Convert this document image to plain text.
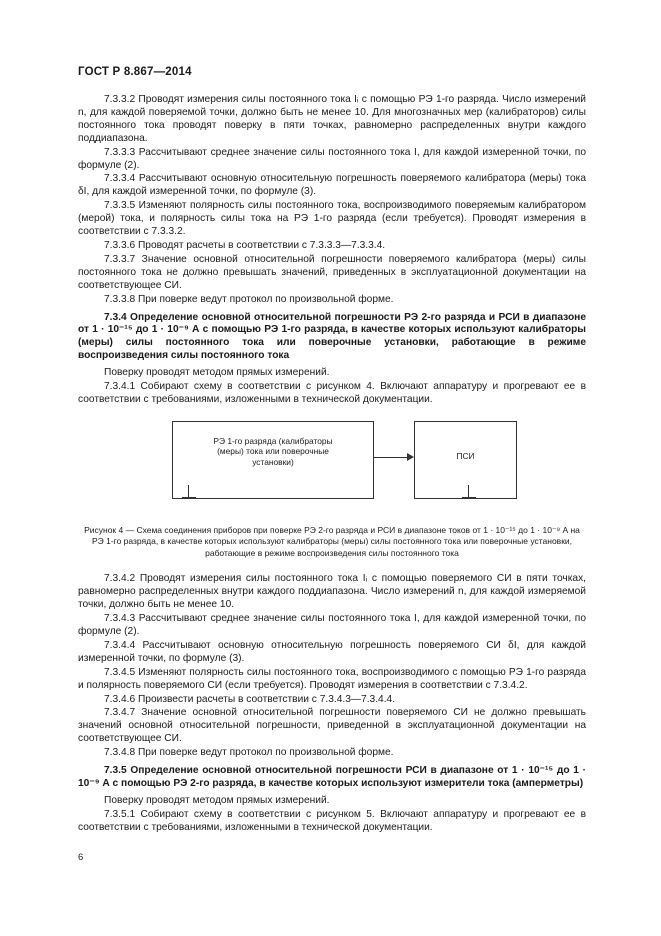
ГОСТ Р 8.867—2014

7.3.3.2 Проводят измерения силы постоянного тока Iᵢ с помощью РЭ 1-го разряда. Число измерений n, для каждой поверяемой точки, должно быть не менее 10. Для многозначных мер (калибраторов) силы постоянного тока проводят поверку в пяти точках, равномерно распределенных внутри каждого поддиапазона.

7.3.3.3 Рассчитывают среднее значение силы постоянного тока I, для каждой измеренной точки, по формуле (2).

7.3.3.4 Рассчитывают основную относительную погрешность поверяемого калибратора (меры) тока δI, для каждой измеренной точки, по формуле (3).

7.3.3.5 Изменяют полярность силы постоянного тока, воспроизводимого поверяемым калибратором (мерой) тока, и полярность силы тока на РЭ 1-го разряда (если требуется). Проводят измерения в соответствии с 7.3.3.2.

7.3.3.6 Проводят расчеты в соответствии с 7.3.3.3—7.3.3.4.

7.3.3.7 Значение основной относительной погрешности поверяемого калибратора (меры) силы постоянного тока не должно превышать значений, приведенных в эксплуатационной документации на соответствующее СИ.

7.3.3.8 При поверке ведут протокол по произвольной форме.

7.3.4 Определение основной относительной погрешности РЭ 2-го разряда и РСИ в диапазоне от 1 · 10⁻¹⁵ до 1 · 10⁻⁹ А с помощью РЭ 1-го разряда, в качестве которых используют калибраторы (меры) силы постоянного тока или поверочные установки, работающие в режиме воспроизведения силы постоянного тока

Поверку проводят методом прямых измерений.

7.3.4.1 Собирают схему в соответствии с рисунком 4. Включают аппаратуру и прогревают ее в соответствии с требованиями, изложенными в технической документации.

РЭ 1-го разряда (калибраторы (меры) тока или поверочные установки)
ПСИ
Рисунок 4 — Схема соединения приборов при поверке РЭ 2-го разряда и РСИ в диапазоне токов от 1 · 10⁻¹⁵ до 1 · 10⁻⁹ А на РЭ 1-го разряда, в качестве которых используют калибраторы (меры) силы постоянного тока или поверочные установки, работающие в режиме воспроизведения силы постоянного тока

7.3.4.2 Проводят измерения силы постоянного тока Iᵢ с помощью поверяемого СИ в пяти точках, равномерно распределенных внутри каждого поддиапазона. Число измерений n, для каждой измеряемой точки, должно быть не менее 10.

7.3.4.3 Рассчитывают среднее значение силы постоянного тока I, для каждой измеренной точки, по формуле (2).

7.3.4.4 Рассчитывают основную относительную погрешность поверяемого СИ δI, для каждой измеренной точки, по формуле (3).

7.3.4.5 Изменяют полярность силы постоянного тока, воспроизводимого с помощью РЭ 1-го разряда и полярность поверяемого СИ (если требуется). Проводят измерения в соответствии с 7.3.4.2.

7.3.4.6 Произвести расчеты в соответствии с 7.3.4.3—7.3.4.4.

7.3.4.7 Значение основной относительной погрешности поверяемого СИ не должно превышать значений основной относительной погрешности, приведенной в эксплуатационной документации на соответствующее СИ.

7.3.4.8 При поверке ведут протокол по произвольной форме.

7.3.5 Определение основной относительной погрешности РСИ в диапазоне от 1 · 10⁻¹⁵ до 1 · 10⁻⁹ А с помощью РЭ 2-го разряда, в качестве которых используют измерители тока (амперметры)

Поверку проводят методом прямых измерений.

7.3.5.1 Собирают схему в соответствии с рисунком 5. Включают аппаратуру и прогревают ее в соответствии с требованиями, изложенными в технической документации.

6
